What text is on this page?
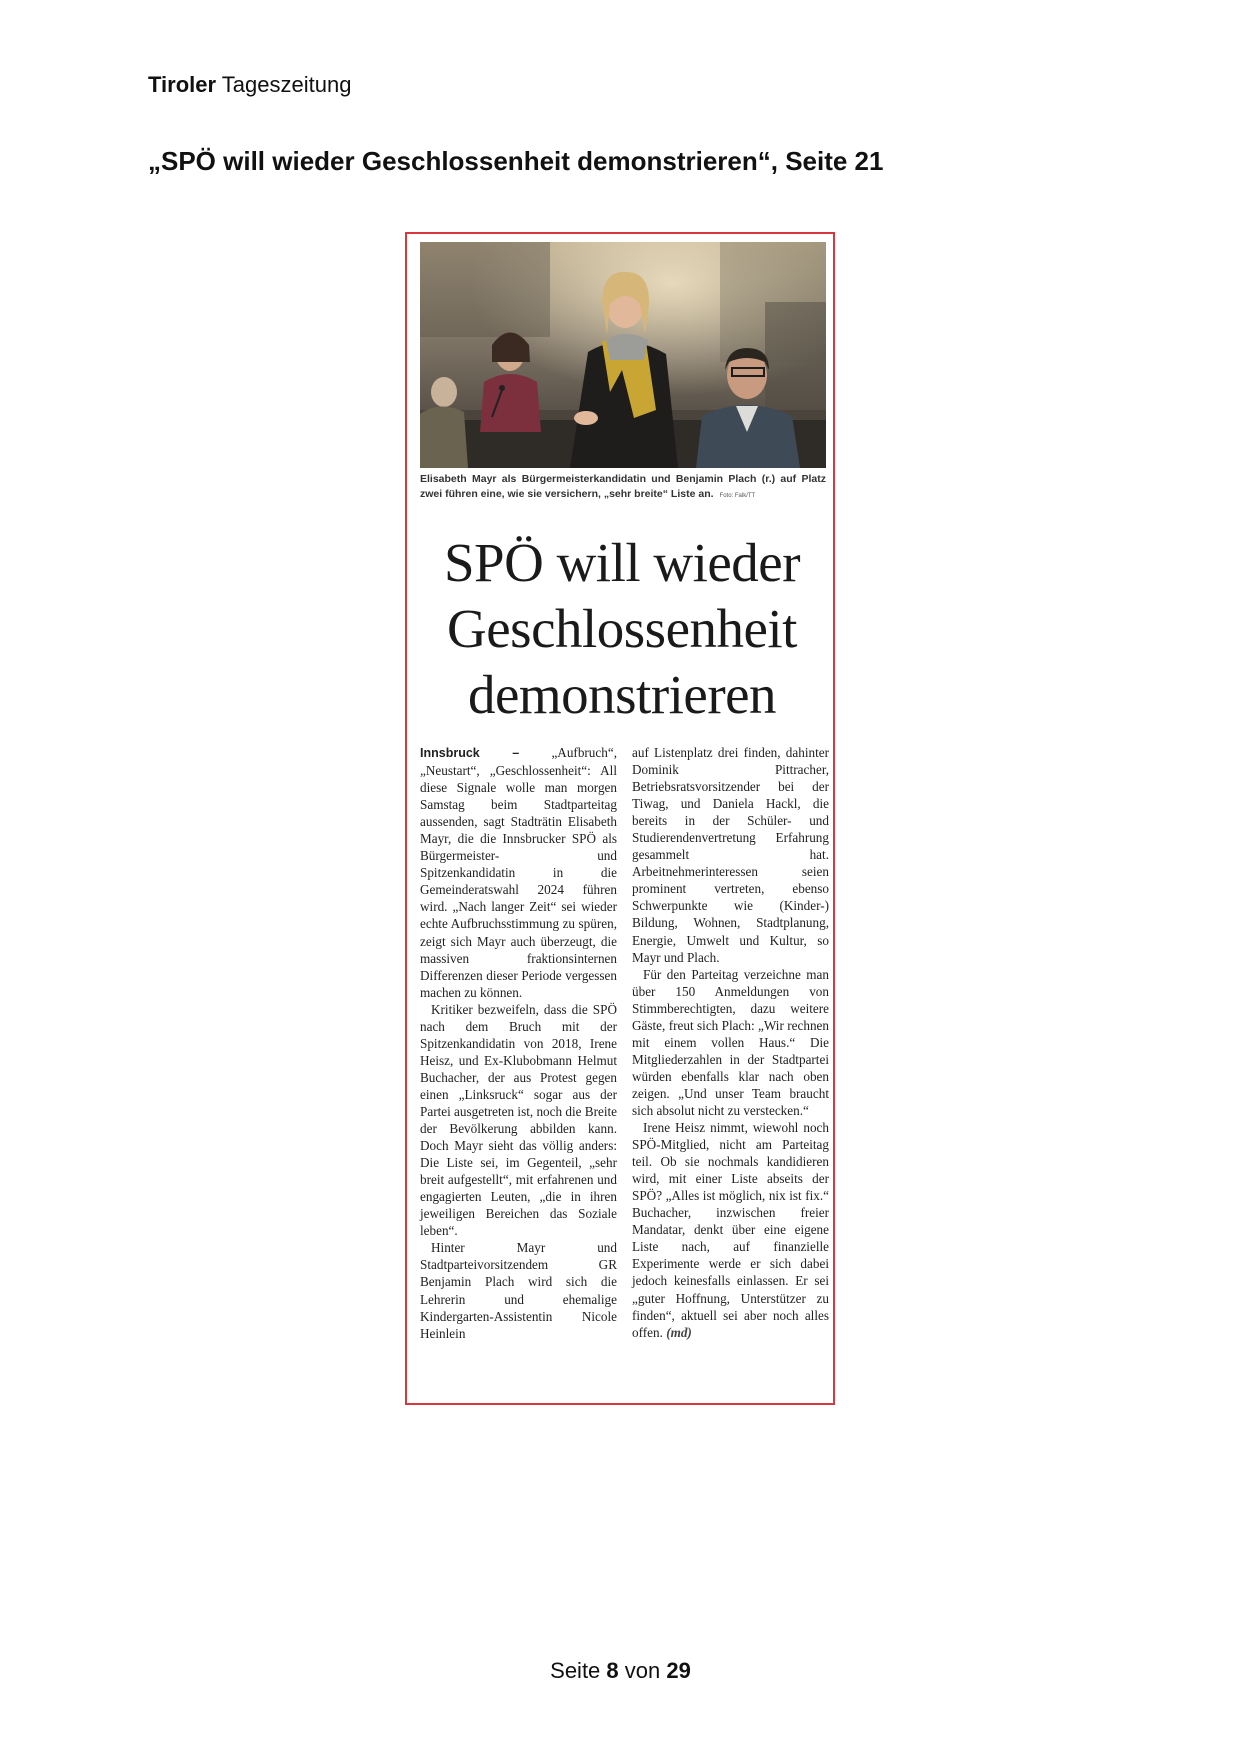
Tiroler Tageszeitung
„SPÖ will wieder Geschlossenheit demonstrieren“, Seite 21
Elisabeth Mayr als Bürgermeisterkandidatin und Benjamin Plach (r.) auf Platz zwei führen eine, wie sie versichern, „sehr breite“ Liste an. Foto: Falk/TT
SPÖ will wieder
Geschlossenheit
demonstrieren

Innsbruck – „Aufbruch“, „Neustart“, „Geschlossenheit“: All diese Signale wolle man morgen Samstag beim Stadtparteitag aussenden, sagt Stadträtin Elisabeth Mayr, die die Innsbrucker SPÖ als Bürgermeister- und Spitzenkandidatin in die Gemeinderatswahl 2024 führen wird. „Nach langer Zeit“ sei wieder echte Aufbruchsstimmung zu spüren, zeigt sich Mayr auch überzeugt, die massiven fraktionsinternen Differenzen dieser Periode vergessen machen zu können.

Kritiker bezweifeln, dass die SPÖ nach dem Bruch mit der Spitzenkandidatin von 2018, Irene Heisz, und Ex-Klubobmann Helmut Buchacher, der aus Protest gegen einen „Linksruck“ sogar aus der Partei ausgetreten ist, noch die Breite der Bevölkerung abbilden kann. Doch Mayr sieht das völlig anders: Die Liste sei, im Gegenteil, „sehr breit aufgestellt“, mit erfahrenen und engagierten Leuten, „die in ihren jeweiligen Bereichen das Soziale leben“.

Hinter Mayr und Stadtparteivorsitzendem GR Benjamin Plach wird sich die Lehrerin und ehemalige Kindergarten-Assistentin Nicole Heinlein

auf Listenplatz drei finden, dahinter Dominik Pittracher, Betriebsratsvorsitzender bei der Tiwag, und Daniela Hackl, die bereits in der Schüler- und Studierendenvertretung Erfahrung gesammelt hat. Arbeitnehmerinteressen seien prominent vertreten, ebenso Schwerpunkte wie (Kinder-) Bildung, Wohnen, Stadtplanung, Energie, Umwelt und Kultur, so Mayr und Plach.

Für den Parteitag verzeichne man über 150 Anmeldungen von Stimmberechtigten, dazu weitere Gäste, freut sich Plach: „Wir rechnen mit einem vollen Haus.“ Die Mitgliederzahlen in der Stadtpartei würden ebenfalls klar nach oben zeigen. „Und unser Team braucht sich absolut nicht zu verstecken.“

Irene Heisz nimmt, wiewohl noch SPÖ-Mitglied, nicht am Parteitag teil. Ob sie nochmals kandidieren wird, mit einer Liste abseits der SPÖ? „Alles ist möglich, nix ist fix.“ Buchacher, inzwischen freier Mandatar, denkt über eine eigene Liste nach, auf finanzielle Experimente werde er sich dabei jedoch keinesfalls einlassen. Er sei „guter Hoffnung, Unterstützer zu finden“, aktuell sei aber noch alles offen. (md)

Seite 8 von 29
